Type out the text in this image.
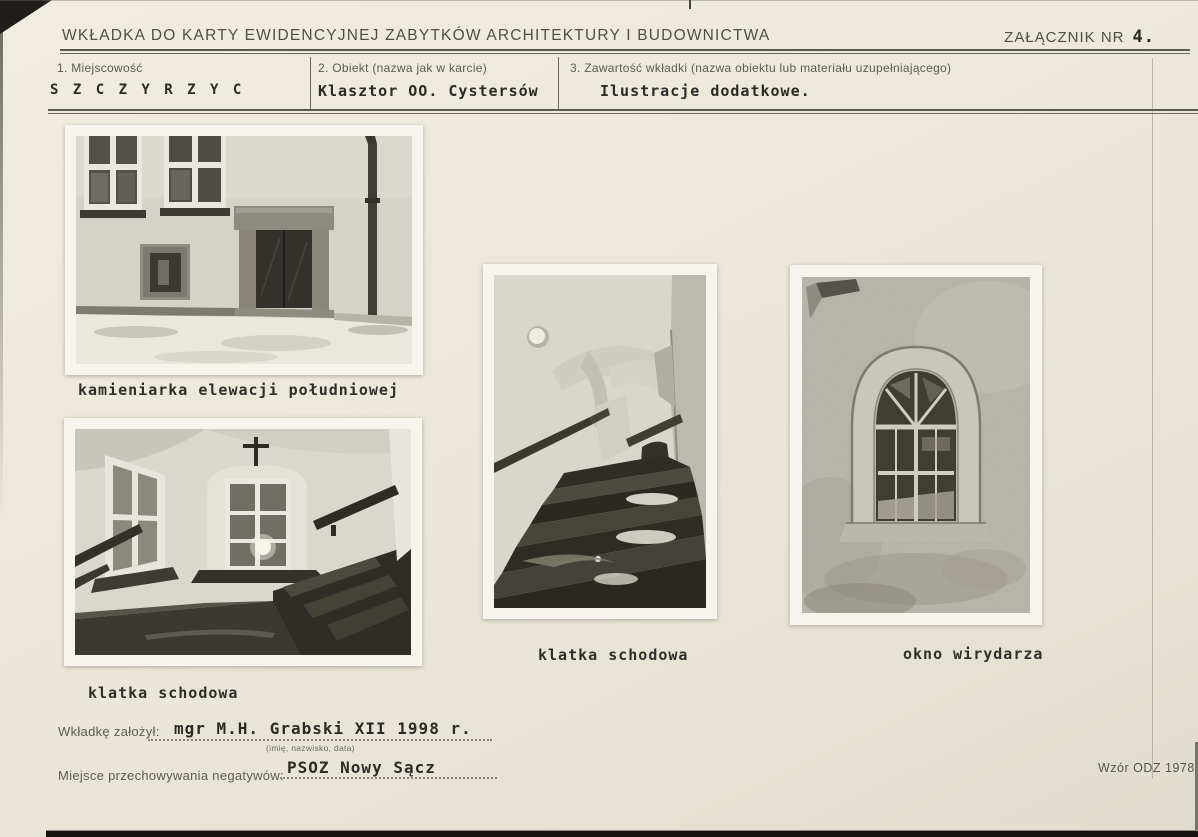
WKŁADKA DO KARTY EWIDENCYJNEJ ZABYTKÓW ARCHITEKTURY I BUDOWNICTWA	ZAŁĄCZNIK NR 4.
1. Miejscowość
S Z C Z Y R Z Y C
2. Obiekt (nazwa jak w karcie)
Klasztor OO. Cystersów
3. Zawartość wkładki (nazwa obiektu lub materiału uzupełniającego)
Ilustracje dodatkowe.
kamieniarka elewacji południowej
klatka schodowa
klatka schodowa	okno wirydarza
Wkładkę założył: mgr M.H. Grabski XII 1998 r.
(imię, nazwisko, data)
Miejsce przechowywania negatywów: PSOZ Nowy Sącz	Wzór ODZ 1978
